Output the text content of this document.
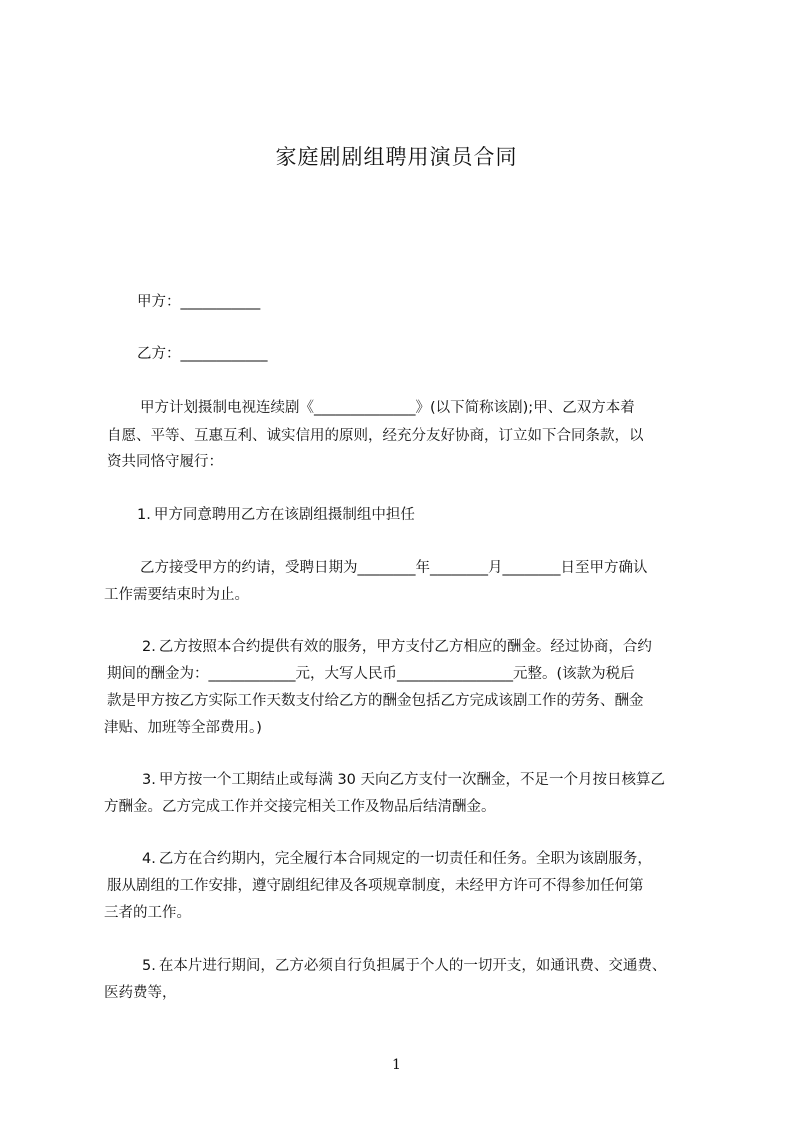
家庭剧剧组聘用演员合同
甲方：___________
乙方：____________
甲方计划摄制电视连续剧《______________》(以下简称该剧);甲、乙双方本着
自愿、平等、互惠互利、诚实信用的原则，经充分友好协商，订立如下合同条款，以
资共同恪守履行：
1. 甲方同意聘用乙方在该剧组摄制组中担任
乙方接受甲方的约请，受聘日期为________年________月________日至甲方确认
工作需要结束时为止。
2. 乙方按照本合约提供有效的服务，甲方支付乙方相应的酬金。经过协商，合约
期间的酬金为：____________元，大写人民币________________元整。(该款为税后
款是甲方按乙方实际工作天数支付给乙方的酬金包括乙方完成该剧工作的劳务、酬金
津贴、加班等全部费用。)
3. 甲方按一个工期结止或每满 30 天向乙方支付一次酬金，不足一个月按日核算乙
方酬金。乙方完成工作并交接完相关工作及物品后结清酬金。
4. 乙方在合约期内，完全履行本合同规定的一切责任和任务。全职为该剧服务，
服从剧组的工作安排，遵守剧组纪律及各项规章制度，未经甲方许可不得参加任何第
三者的工作。
5. 在本片进行期间，乙方必须自行负担属于个人的一切开支，如通讯费、交通费、
医药费等，
1
